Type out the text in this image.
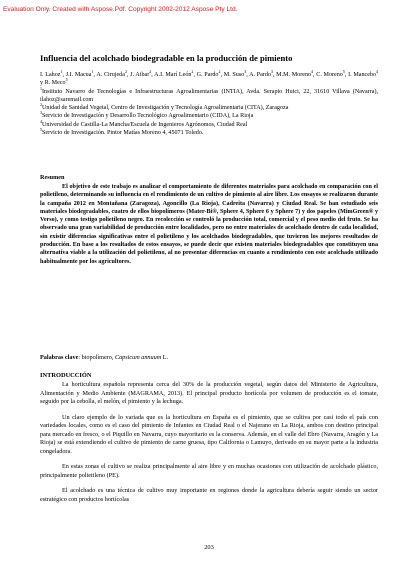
Evaluation Only. Created with Aspose.Pdf. Copyright 2002-2012 Aspose Pty Ltd.
Influencia del acolchado biodegradable en la producción de pimiento
I. Lahoz$^1$, J.I. Macua$^1$, A. Cirujeda$^2$, J. Aibar$^2$, A.I. Marí León$^2$, G. Pardo$^2$, M. Suso$^3$, A. Pardo$^3$, M.M. Moreno$^4$, C. Moreno$^5$, I. Mancebo$^4$ y R. Meco$^5$

$^1$Instituto Navarro de Tecnologías e Infraestructuras Agroalimentarias (INTIA), Avda. Serapio Huici, 22, 31610 Villava (Navarra), ilahoz@saremail.com

$^2$Unidad de Sanidad Vegetal, Centro de Investigación y Tecnología Agroalimentaria (CITA), Zaragoza

$^3$Servicio de Investigación y Desarrollo Tecnológico Agroalimentario (CIDA), La Rioja

$^4$Universidad de Castilla-La Mancha/Escuela de Ingenieros Agrónomos, Ciudad Real

$^5$Servicio de Investigación. Pintor Matías Moreno 4, 45071 Toledo.

Resumen
El objetivo de este trabajo es analizar el comportamiento de diferentes materiales para acolchado en comparación con el polietileno, determinando su influencia en el rendimiento de un cultivo de pimiento al aire libre. Los ensayos se realizaron durante la campaña 2012 en Montañana (Zaragoza), Agoncillo (La Rioja), Cadreita (Navarra) y Ciudad Real. Se han estudiado seis materiales biodegradables, cuatro de ellos biopolímeros (Mater-Bi®, Sphere 4, Sphere 6 y Sphere 7) y dos papeles (MimGreen® y Verso), y como testigo polietileno negro. En recolección se controló la producción total, comercial y el peso medio del fruto. Se ha observado una gran variabilidad de producción entre localidades, pero no entre materiales de acolchado dentro de cada localidad, sin existir diferencias significativas entre el polietileno y los acolchados biodegradables, que tuvieron los mejores resultados de producción. En base a los resultados de estos ensayos, se puede decir que existen materiales biodegradables que constituyen una alternativa viable a la utilización del polietileno, al no presentar diferencias en cuanto a rendimiento con este acolchado utilizado habitualmente por los agricultores.
Palabras clave: biopolímero, Capsicum annuum L.
INTRODUCCIÓN

La horticultura española representa cerca del 30% de la producción vegetal, según datos del Ministerio de Agricultura, Alimentación y Medio Ambiente (MAGRAMA, 2013). El principal producto hortícola por volumen de producción es el tomate, seguido por la cebolla, el melón, el pimiento y la lechuga.

Un claro ejemplo de lo variada que es la horticultura en España es el pimiento, que se cultiva por casi todo el país con variedades locales, como es el caso del pimiento de Infantes en Ciudad Real o el Najerano en La Rioja, ambos con destino principal para mercado en fresco, o el Piquillo en Navarra, cuyo mayoritario es la conserva. Además, en el valle del Ebro (Navarra, Aragón y La Rioja) se está extendiendo el cultivo de pimiento de carne gruesa, tipo California o Lamuyo, derivado en su mayor parte a la industria congeladora.

En estas zonas el cultivo se realiza principalmente al aire libre y en muchas ocasiones con utilización de acolchado plástico, principalmente polietileno (PE).

El acolchado es una técnica de cultivo muy importante en regiones donde la agricultura debería seguir siendo un sector estratégico con productos hortícolas

203
